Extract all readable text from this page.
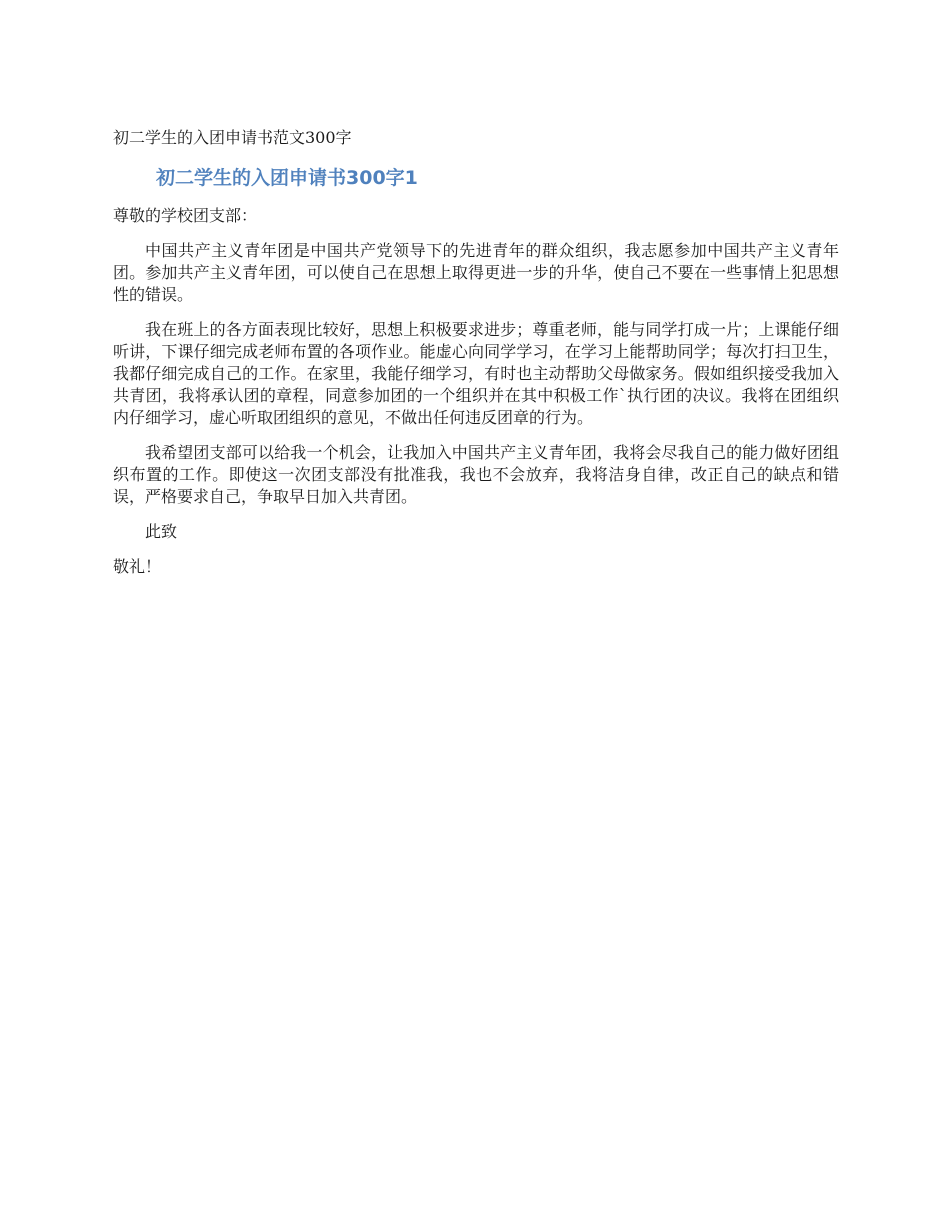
初二学生的入团申请书范文300字
初二学生的入团申请书300字1

尊敬的学校团支部：

中国共产主义青年团是中国共产党领导下的先进青年的群众组织，我志愿参加中国共产主义青年团。参加共产主义青年团，可以使自己在思想上取得更进一步的升华，使自己不要在一些事情上犯思想性的错误。

我在班上的各方面表现比较好，思想上积极要求进步；尊重老师，能与同学打成一片；上课能仔细听讲，下课仔细完成老师布置的各项作业。能虚心向同学学习，在学习上能帮助同学；每次打扫卫生，我都仔细完成自己的工作。在家里，我能仔细学习，有时也主动帮助父母做家务。假如组织接受我加入共青团，我将承认团的章程，同意参加团的一个组织并在其中积极工作`执行团的决议。我将在团组织内仔细学习，虚心听取团组织的意见，不做出任何违反团章的行为。

我希望团支部可以给我一个机会，让我加入中国共产主义青年团，我将会尽我自己的能力做好团组织布置的工作。即使这一次团支部没有批准我，我也不会放弃，我将洁身自律，改正自己的缺点和错误，严格要求自己，争取早日加入共青团。

此致

敬礼！
